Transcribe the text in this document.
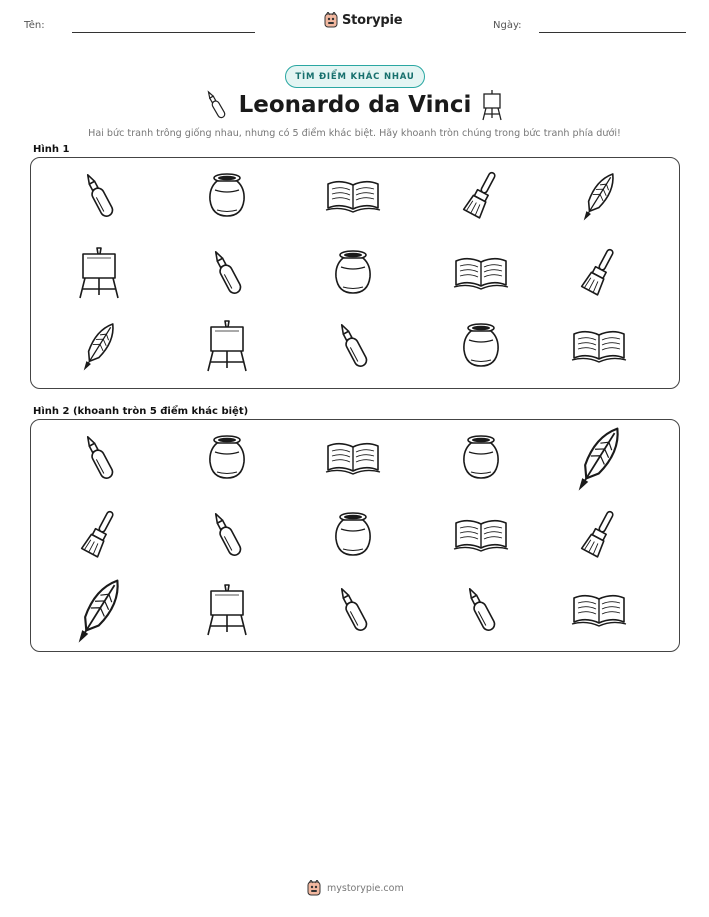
Tên:	Storypie	Ngày:
TÌM ĐIỂM KHÁC NHAU
Leonardo da Vinci
Hai bức tranh trông giống nhau, nhưng có 5 điểm khác biệt. Hãy khoanh tròn chúng trong bức tranh phía dưới!
Hình 1
Hình 2 (khoanh tròn 5 điểm khác biệt)
mystorypie.com
